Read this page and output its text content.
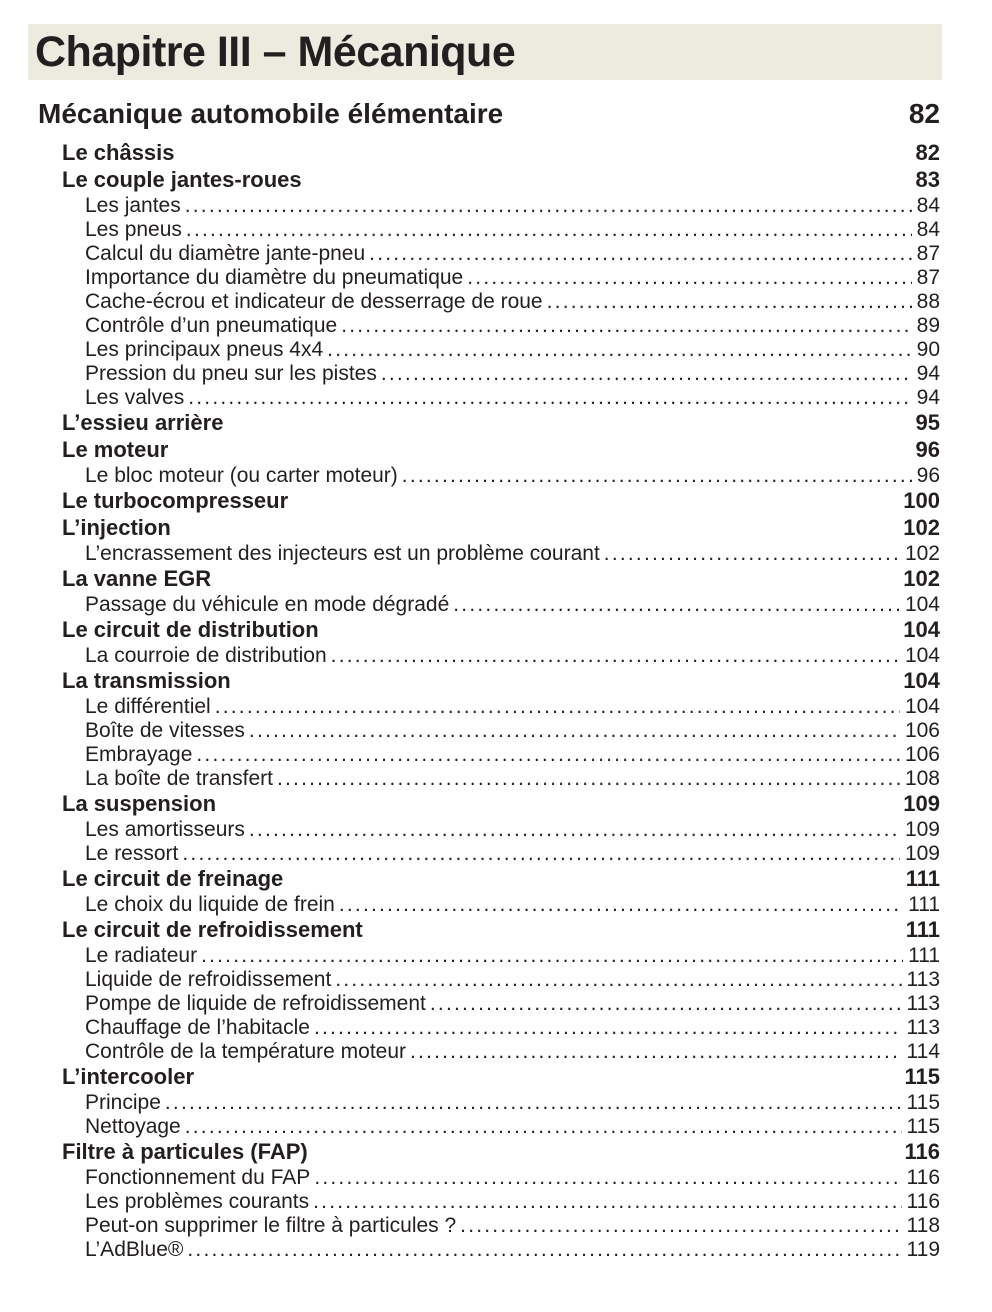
Chapitre III – Mécanique
Mécanique automobile élémentaire	82
Le châssis	82
Le couple jantes-roues	83
Les jantes .....	84
Les pneus .....	84
Calcul du diamètre jante-pneu .....	87
Importance du diamètre du pneumatique .....	87
Cache-écrou et indicateur de desserrage de roue .....	88
Contrôle d’un pneumatique .....	89
Les principaux pneus 4x4 .....	90
Pression du pneu sur les pistes .....	94
Les valves .....	94
L’essieu arrière	95
Le moteur	96
Le bloc moteur (ou carter moteur) .....	96
Le turbocompresseur	100
L’injection	102
L’encrassement des injecteurs est un problème courant .....	102
La vanne EGR	102
Passage du véhicule en mode dégradé .....	104
Le circuit de distribution	104
La courroie de distribution .....	104
La transmission	104
Le différentiel .....	104
Boîte de vitesses .....	106
Embrayage .....	106
La boîte de transfert .....	108
La suspension	109
Les amortisseurs .....	109
Le ressort .....	109
Le circuit de freinage	111
Le choix du liquide de frein .....	111
Le circuit de refroidissement	111
Le radiateur .....	111
Liquide de refroidissement .....	113
Pompe de liquide de refroidissement .....	113
Chauffage de l’habitacle .....	113
Contrôle de la température moteur .....	114
L’intercooler	115
Principe .....	115
Nettoyage .....	115
Filtre à particules (FAP)	116
Fonctionnement du FAP .....	116
Les problèmes courants .....	116
Peut-on supprimer le filtre à particules ? .....	118
L’AdBlue® .....	119
